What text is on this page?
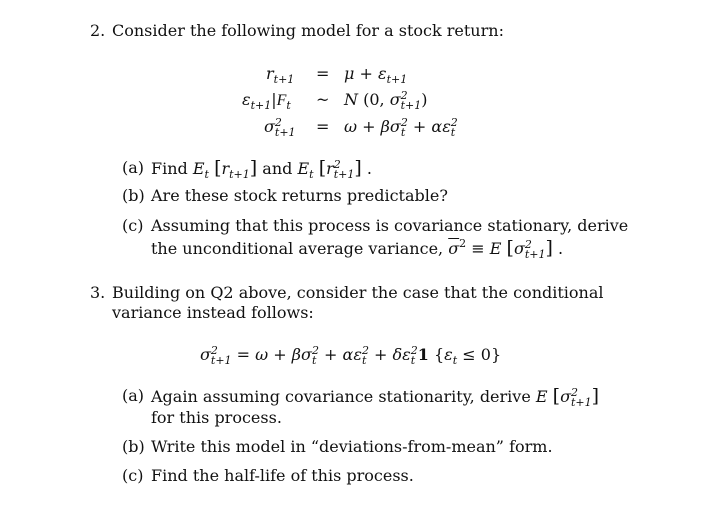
2. Consider the following model for a stock return:
$r_{t+1} = \mu + \varepsilon_{t+1}$
$\varepsilon_{t+1}|F_t$ ~ N (0, σ 2
t+1 )
σ 2
t+1 = ω + βσ 2
t + αε 2
t
(a) Find $E_t$ $[r_{t+1}]$ and $E_t$ [r 2
t+1 ] .
(b) Are these stock returns predictable?
(c) Assuming that this process is covariance stationary, derive
the unconditional average variance, $\overline{\sigma}^2 \equiv E$ [σ 2
t+1 ] .
3. Building on Q2 above, consider the case that the conditional
variance instead follows:
σ 2
t+1 = ω + βσ 2
t + αε 2
t + δε 2
t 1 $\{\varepsilon_t \le 0\}$
(a) Again assuming covariance stationarity, derive E [σ 2
t+1 ]
for this process.
(b) Write this model in “deviations-from-mean” form.
(c) Find the half-life of this process.
